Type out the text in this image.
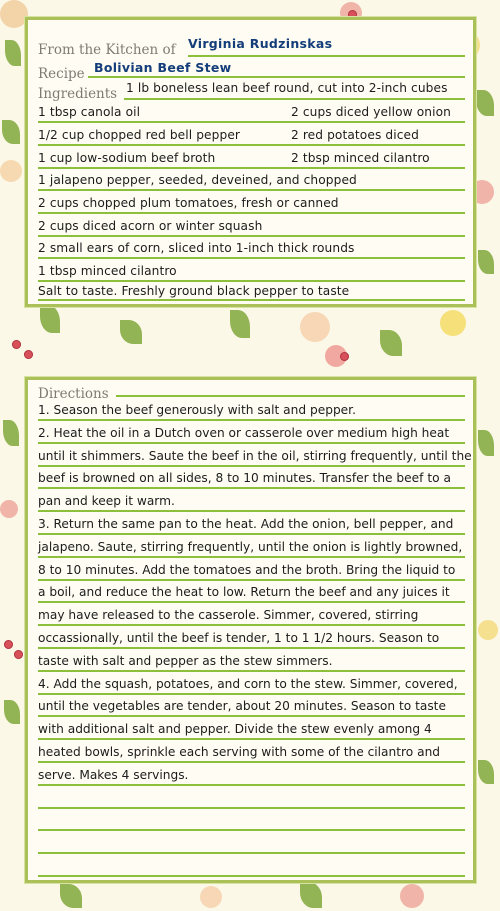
From the Kitchen of Virginia Rudzinskas
Recipe Bolivian Beef Stew
Ingredients 1 lb boneless lean beef round, cut into 2-inch cubes
1 tbsp canola oil	2 cups diced yellow onion
1/2 cup chopped red bell pepper	2 red potatoes diced
1 cup low-sodium beef broth	2 tbsp minced cilantro
1 jalapeno pepper, seeded, deveined, and chopped
2 cups chopped plum tomatoes, fresh or canned
2 cups diced acorn or winter squash
2 small ears of corn, sliced into 1-inch thick rounds
1 tbsp minced cilantro
Salt to taste. Freshly ground black pepper to taste
Directions
1. Season the beef generously with salt and pepper.
2. Heat the oil in a Dutch oven or casserole over medium high heat
until it shimmers. Saute the beef in the oil, stirring frequently, until the
beef is browned on all sides, 8 to 10 minutes. Transfer the beef to a
pan and keep it warm.
3. Return the same pan to the heat. Add the onion, bell pepper, and
jalapeno. Saute, stirring frequently, until the onion is lightly browned,
8 to 10 minutes. Add the tomatoes and the broth. Bring the liquid to
a boil, and reduce the heat to low. Return the beef and any juices it
may have released to the casserole. Simmer, covered, stirring
occassionally, until the beef is tender, 1 to 1 1/2 hours. Season to
taste with salt and pepper as the stew simmers.
4. Add the squash, potatoes, and corn to the stew. Simmer, covered,
until the vegetables are tender, about 20 minutes. Season to taste
with additional salt and pepper. Divide the stew evenly among 4
heated bowls, sprinkle each serving with some of the cilantro and
serve. Makes 4 servings.
